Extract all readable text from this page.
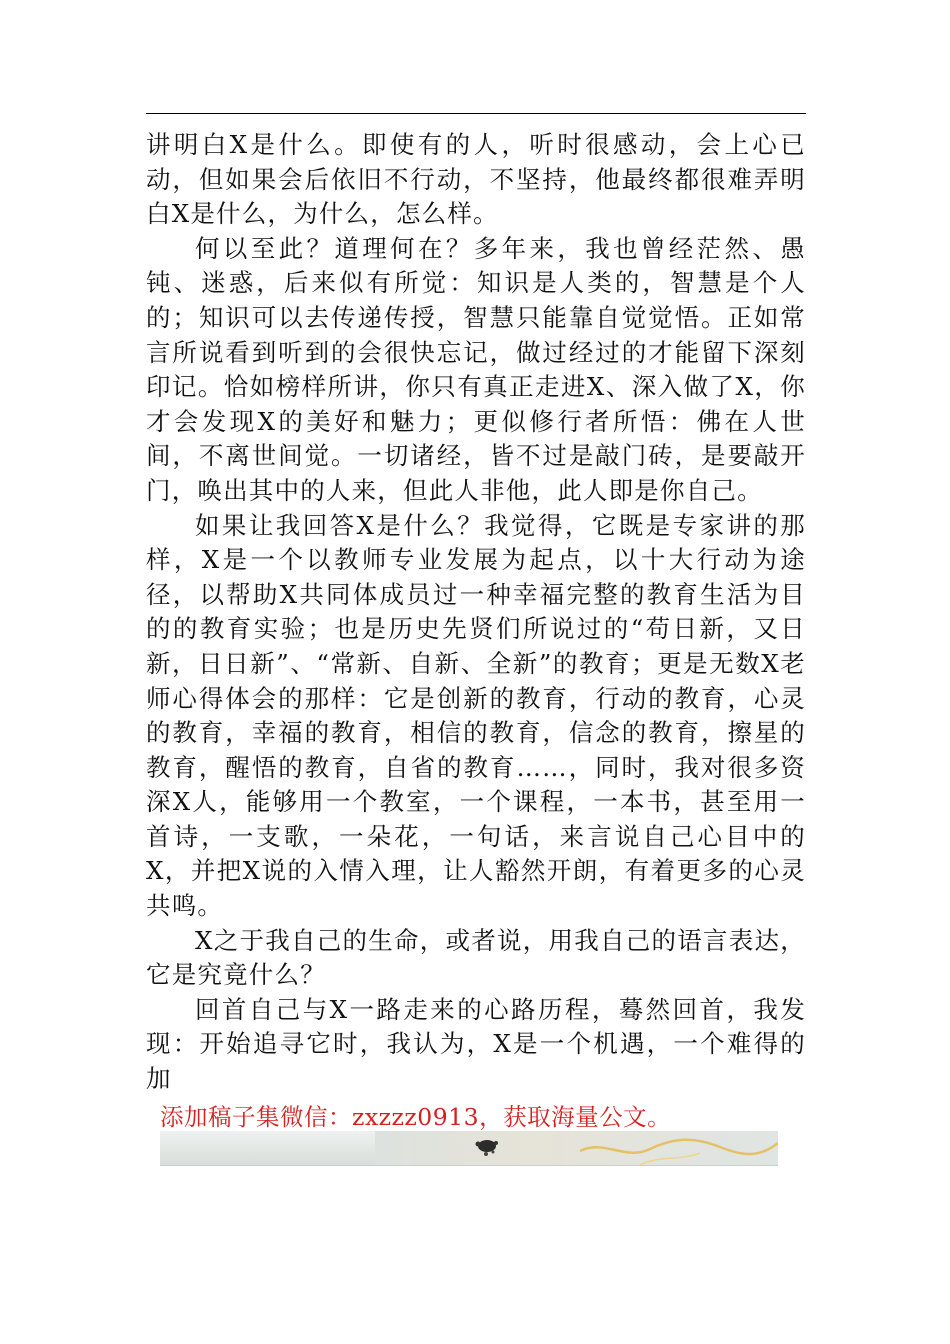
讲明白X是什么。即使有的人，听时很感动，会上心已动，但如果会后依旧不行动，不坚持，他最终都很难弄明白X是什么，为什么，怎么样。

何以至此？道理何在？多年来，我也曾经茫然、愚钝、迷惑，后来似有所觉：知识是人类的，智慧是个人的；知识可以去传递传授，智慧只能靠自觉觉悟。正如常言所说看到听到的会很快忘记，做过经过的才能留下深刻印记。恰如榜样所讲，你只有真正走进X、深入做了X，你才会发现X的美好和魅力；更似修行者所悟：佛在人世间，不离世间觉。一切诸经，皆不过是敲门砖，是要敲开门，唤出其中的人来，但此人非他，此人即是你自己。

如果让我回答X是什么？我觉得，它既是专家讲的那样，X是一个以教师专业发展为起点，以十大行动为途径，以帮助X共同体成员过一种幸福完整的教育生活为目的的教育实验；也是历史先贤们所说过的“苟日新，又日新，日日新”、“常新、自新、全新”的教育；更是无数X老师心得体会的那样：它是创新的教育，行动的教育，心灵的教育，幸福的教育，相信的教育，信念的教育，擦星的教育，醒悟的教育，自省的教育……，同时，我对很多资深X人，能够用一个教室，一个课程，一本书，甚至用一首诗，一支歌，一朵花，一句话，来言说自己心目中的X，并把X说的入情入理，让人豁然开朗，有着更多的心灵共鸣。

X之于我自己的生命，或者说，用我自己的语言表达，它是究竟什么？

回首自己与X一路走来的心路历程，蓦然回首，我发现：开始追寻它时，我认为，X是一个机遇，一个难得的加

添加稿子集微信：zxzzz0913，获取海量公文。
